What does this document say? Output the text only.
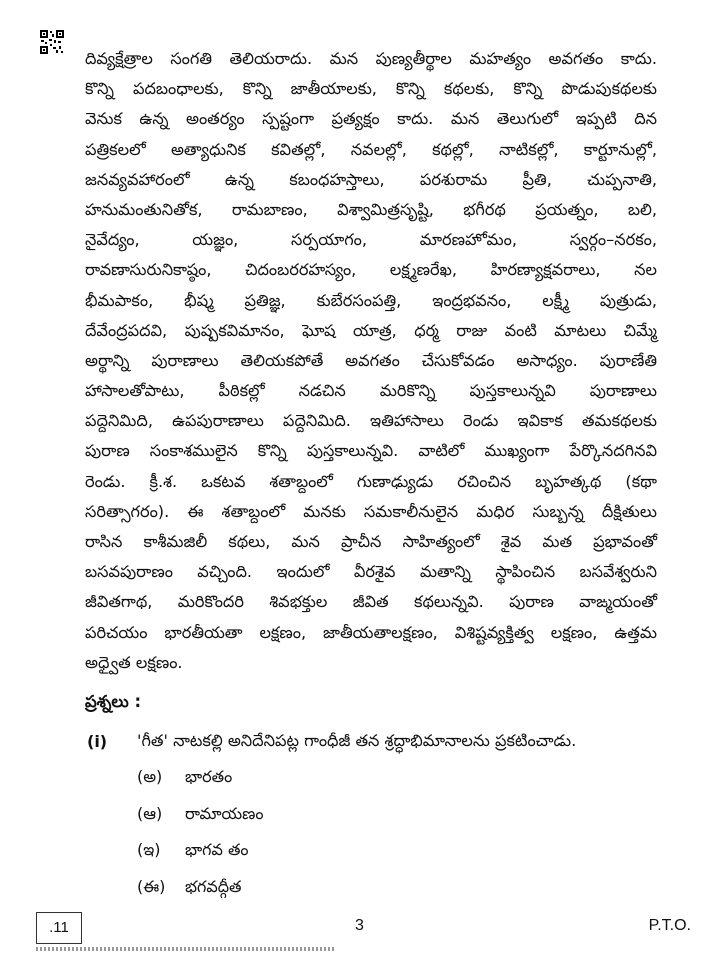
దివ్యక్షేత్రాల సంగతి తెలియరాదు. మన పుణ్యతీర్థాల మహత్యం అవగతం కాదు.
కొన్ని పదబంధాలకు, కొన్ని జాతీయాలకు, కొన్ని కథలకు, కొన్ని పొడుపుకథలకు
వెనుక ఉన్న అంతర్యం స్పష్టంగా ప్రత్యక్షం కాదు. మన తెలుగులో ఇప్పటి దిన
పత్రికలలో అత్యాధునిక కవితల్లో, నవలల్లో, కథల్లో, నాటికల్లో, కార్టూనుల్లో,
జనవ్యవహారంలో ఉన్న కబంధహస్తాలు, పరశురామ ప్రీతి, చుప్పనాతి,
హనుమంతునితోక, రామబాణం, విశ్వామిత్రసృష్టి, భగీరథ ప్రయత్నం, బలి,
నైవేద్యం, యజ్ఞం, సర్పయాగం, మారణహోమం, స్వర్గం–నరకం,
రావణాసురునికాష్ఠం, చిదంబరరహస్యం, లక్ష్మణరేఖ, హిరణ్యాక్షవరాలు, నల
భీమపాకం, భీష్మ ప్రతిజ్ఞ, కుబేరసంపత్తి, ఇంద్రభవనం, లక్ష్మీ పుత్రుడు,
దేవేంద్రపదవి, పుష్పకవిమానం, ఘోష యాత్ర, ధర్మ రాజు వంటి మాటలు చిమ్మే
అర్థాన్ని పురాణాలు తెలియకపోతే అవగతం చేసుకోవడం అసాధ్యం. పురాణేతి
హాసాలతోపాటు, పీఠికల్లో నడచిన మరికొన్ని పుస్తకాలున్నవి పురాణాలు
పద్దెనిమిది, ఉపపురాణాలు పద్దెనిమిది. ఇతిహాసాలు రెండు ఇవికాక తమకథలకు
పురాణ సంకాశములైన కొన్ని పుస్తకాలున్నవి. వాటిలో ముఖ్యంగా పేర్కొనదగినవి
రెండు. క్రీ.శ. ఒకటవ శతాబ్దంలో గుణాఢ్యుడు రచించిన బృహత్కథ (కథా
సరిత్సాగరం). ఈ శతాబ్దంలో మనకు సమకాలీనులైన మధిర సుబ్బన్న దీక్షితులు
రాసిన కాశీమజిలీ కథలు, మన ప్రాచీన సాహిత్యంలో శైవ మత ప్రభావంతో
బసవపురాణం వచ్చింది. ఇందులో వీరశైవ మతాన్ని స్థాపించిన బసవేశ్వరుని
జీవితగాథ, మరికొందరి శివభక్తుల జీవిత కథలున్నవి. పురాణ వాఙ్మయంతో
పరిచయం భారతీయతా లక్షణం, జాతీయతాలక్షణం, విశిష్టవ్యక్తిత్వ లక్షణం, ఉత్తమ
అధ్వైత లక్షణం.
ప్రశ్నలు :
(i) 'గీత' నాటకల్లి అనిదేనిపట్ల గాంధీజీ తన శ్రద్ధాభిమానాలను ప్రకటించాడు.
(అ) భారతం
(ఆ) రామాయణం
(ఇ) భాగవ తం
(ఈ) భగవద్గీత
.11	3	P.T.O.
